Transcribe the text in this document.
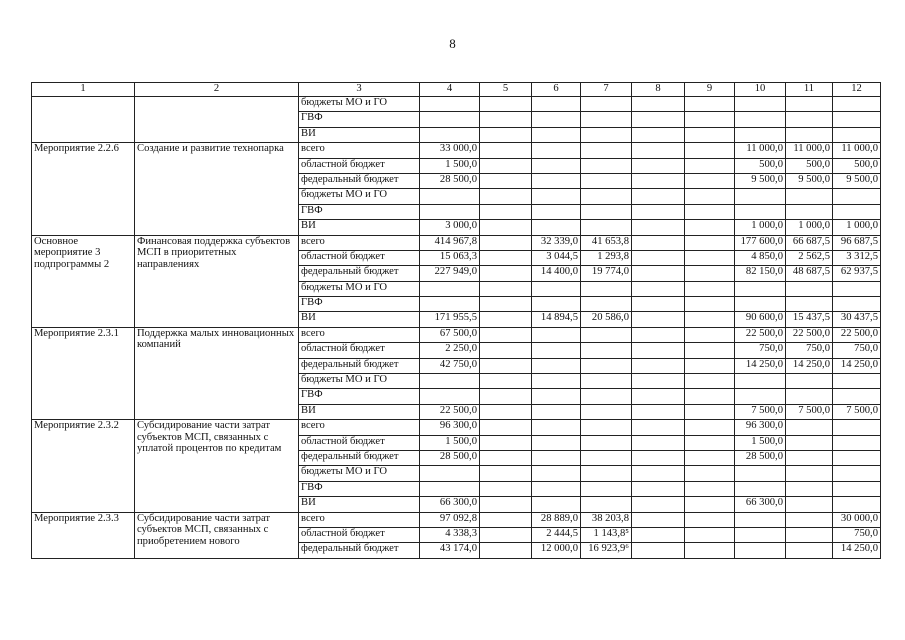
8
1	2	3	4	5	6	7	8	9	10	11	12
		бюджеты МО и ГО									
		ГВФ									
		ВИ									
Мероприятие 2.2.6	Создание и развитие технопарка	всего	33 000,0						11 000,0	11 000,0	11 000,0
		областной бюджет	1 500,0						500,0	500,0	500,0
		федеральный бюджет	28 500,0						9 500,0	9 500,0	9 500,0
		бюджеты МО и ГО									
		ГВФ									
		ВИ	3 000,0						1 000,0	1 000,0	1 000,0
Основное мероприятие 3 подпрограммы 2	Финансовая поддержка субъектов МСП в приоритетных направлениях	всего	414 967,8		32 339,0	41 653,8			177 600,0	66 687,5	96 687,5
		областной бюджет	15 063,3		3 044,5	1 293,8			4 850,0	2 562,5	3 312,5
		федеральный бюджет	227 949,0		14 400,0	19 774,0			82 150,0	48 687,5	62 937,5
		бюджеты МО и ГО									
		ГВФ									
		ВИ	171 955,5		14 894,5	20 586,0			90 600,0	15 437,5	30 437,5
Мероприятие 2.3.1	Поддержка малых инновационных компаний	всего	67 500,0						22 500,0	22 500,0	22 500,0
		областной бюджет	2 250,0						750,0	750,0	750,0
		федеральный бюджет	42 750,0						14 250,0	14 250,0	14 250,0
		бюджеты МО и ГО									
		ГВФ									
		ВИ	22 500,0						7 500,0	7 500,0	7 500,0
Мероприятие 2.3.2	Субсидирование части затрат субъектов МСП, связанных с уплатой процентов по кредитам	всего	96 300,0						96 300,0		
		областной бюджет	1 500,0						1 500,0		
		федеральный бюджет	28 500,0						28 500,0		
		бюджеты МО и ГО									
		ГВФ									
		ВИ	66 300,0						66 300,0		
Мероприятие 2.3.3	Субсидирование части затрат субъектов МСП, связанных с приобретением нового	всего	97 092,8		28 889,0	38 203,8					30 000,0
		областной бюджет	4 338,3		2 444,5	1 143,8⁵					750,0
		федеральный бюджет	43 174,0		12 000,0	16 923,9⁶					14 250,0
